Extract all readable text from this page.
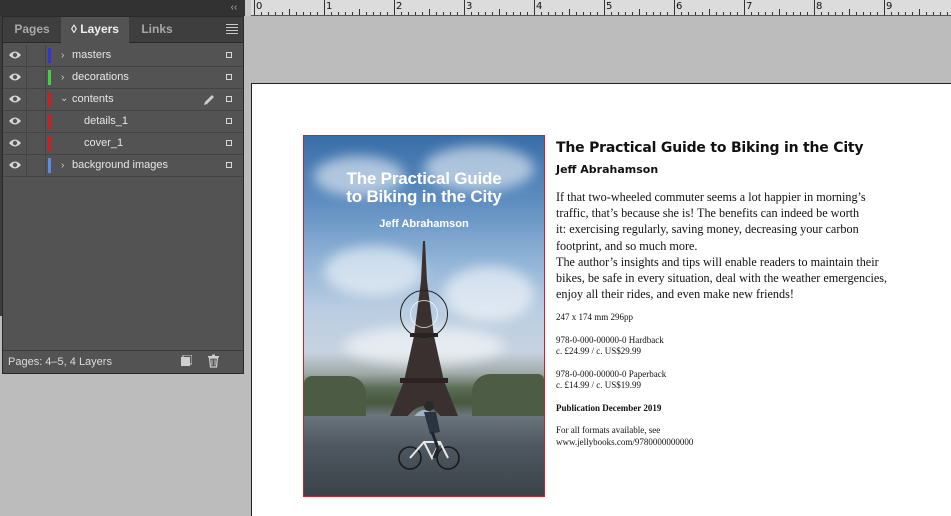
‹‹	0	1	2	3	4	5	6	7	8	9
Pages	◊ Layers	Links
› masters
› decorations
⌄ contents
details_1
cover_1
› background images
Pages: 4–5, 4 Layers
The Practical Guide
to Biking in the City
Jeff Abrahamson
The Practical Guide to Biking in the City
Jeff Abrahamson
If that two-wheeled commuter seems a lot happier in morning’s
traffic, that’s because she is! The benefits can indeed be worth
it: exercising regularly, saving money, decreasing your carbon
footprint, and so much more.
The author’s insights and tips will enable readers to maintain their
bikes, be safe in every situation, deal with the weather emergencies,
enjoy all their rides, and even make new friends!
247 x 174 mm 296pp
978-0-000-00000-0 Hardback
c. £24.99 / c. US$29.99
978-0-000-00000-0 Paperback
c. £14.99 / c. US$19.99
Publication December 2019
For all formats available, see
www.jellybooks.com/9780000000000
